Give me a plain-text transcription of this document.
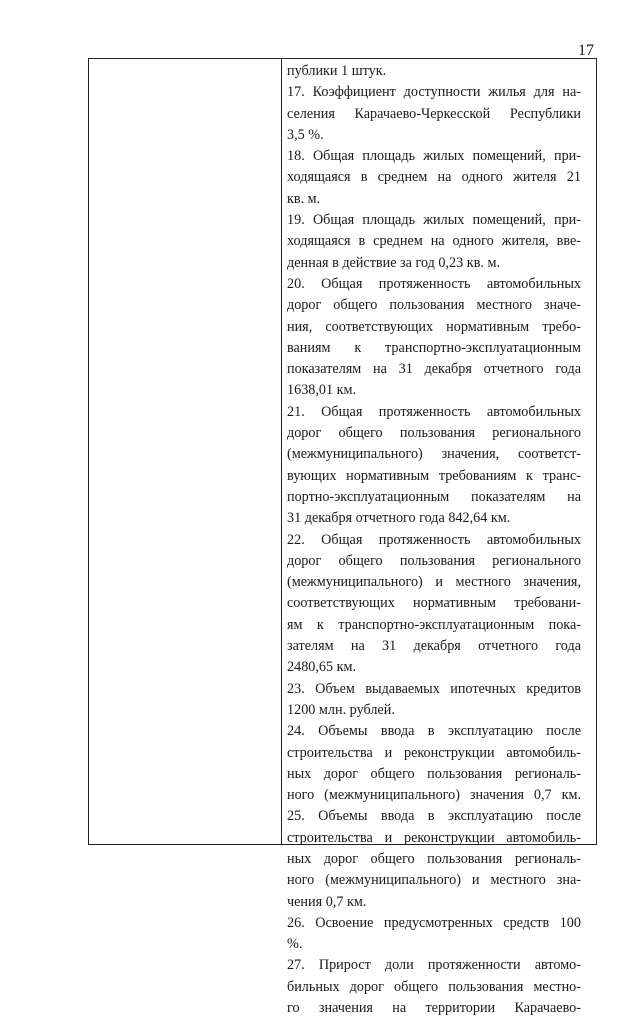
17
публики 1 штук.
17. Коэффициент доступности жилья для на-
селения Карачаево-Черкесской Республики
3,5 %.
18. Общая площадь жилых помещений, при-
ходящаяся в среднем на одного жителя 21
кв. м.
19. Общая площадь жилых помещений, при-
ходящаяся в среднем на одного жителя, вве-
денная в действие за год 0,23 кв. м.
20. Общая протяженность автомобильных
дорог общего пользования местного значе-
ния, соответствующих нормативным требо-
ваниям к транспортно-эксплуатационным
показателям на 31 декабря отчетного года
1638,01 км.
21. Общая протяженность автомобильных
дорог общего пользования регионального
(межмуниципального) значения, соответст-
вующих нормативным требованиям к транс-
портно-эксплуатационным показателям на
31 декабря отчетного года 842,64 км.
22. Общая протяженность автомобильных
дорог общего пользования регионального
(межмуниципального) и местного значения,
соответствующих нормативным требовани-
ям к транспортно-эксплуатационным пока-
зателям на 31 декабря отчетного года
2480,65 км.
23. Объем выдаваемых ипотечных кредитов
1200 млн. рублей.
24. Объемы ввода в эксплуатацию после
строительства и реконструкции автомобиль-
ных дорог общего пользования региональ-
ного (межмуниципального) значения 0,7 км.
25. Объемы ввода в эксплуатацию после
строительства и реконструкции автомобиль-
ных дорог общего пользования региональ-
ного (межмуниципального) и местного зна-
чения 0,7 км.
26. Освоение предусмотренных средств 100
%.
27. Прирост доли протяженности автомо-
бильных дорог общего пользования местно-
го значения на территории Карачаево-
